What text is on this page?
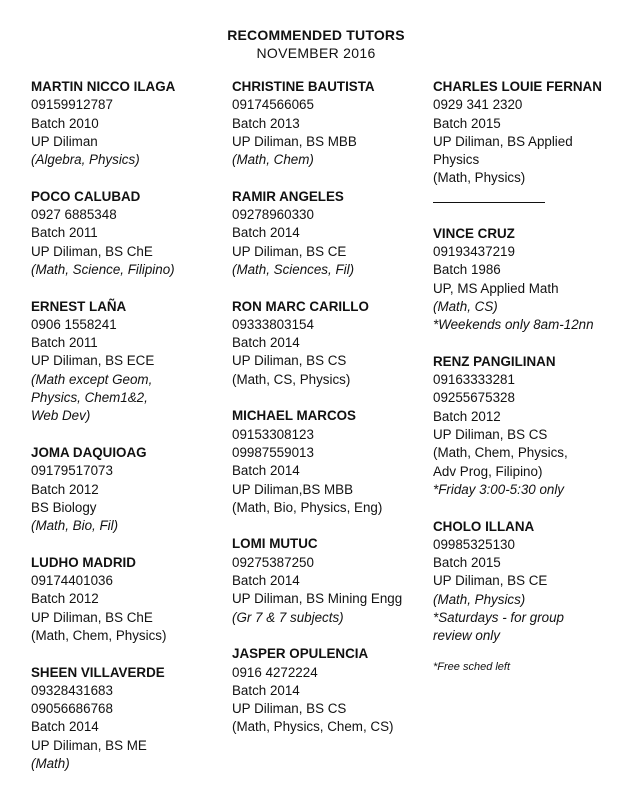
RECOMMENDED TUTORS
NOVEMBER 2016
MARTIN NICCO ILAGA
09159912787
Batch 2010
UP Diliman
(Algebra, Physics)
POCO CALUBAD
0927 6885348
Batch 2011
UP Diliman, BS ChE
(Math, Science, Filipino)
ERNEST LAÑA
0906 1558241
Batch 2011
UP Diliman, BS ECE
(Math except Geom,
Physics, Chem1&2,
Web Dev)
JOMA DAQUIOAG
09179517073
Batch 2012
BS Biology
(Math, Bio, Fil)
LUDHO MADRID
09174401036
Batch 2012
UP Diliman, BS ChE
(Math, Chem, Physics)
SHEEN VILLAVERDE
09328431683
09056686768
Batch 2014
UP Diliman, BS ME
(Math)
CHRISTINE BAUTISTA
09174566065
Batch 2013
UP Diliman, BS MBB
(Math, Chem)
RAMIR ANGELES
09278960330
Batch 2014
UP Diliman, BS CE
(Math, Sciences, Fil)
RON MARC CARILLO
09333803154
Batch 2014
UP Diliman, BS CS
(Math, CS, Physics)
MICHAEL MARCOS
09153308123
09987559013
Batch 2014
UP Diliman,BS MBB
(Math, Bio, Physics, Eng)
LOMI MUTUC
09275387250
Batch 2014
UP Diliman, BS Mining Engg
(Gr 7 & 7 subjects)
JASPER OPULENCIA
0916 4272224
Batch 2014
UP Diliman, BS CS
(Math, Physics, Chem, CS)
CHARLES LOUIE FERNAN
0929 341 2320
Batch 2015
UP Diliman, BS Applied
Physics
(Math, Physics)
VINCE CRUZ
09193437219
Batch 1986
UP, MS Applied Math
(Math, CS)
*Weekends only 8am-12nn
RENZ PANGILINAN
09163333281
09255675328
Batch 2012
UP Diliman, BS CS
(Math, Chem, Physics,
Adv Prog, Filipino)
*Friday 3:00-5:30 only
CHOLO ILLANA
09985325130
Batch 2015
UP Diliman, BS CE
(Math, Physics)
*Saturdays - for group
review only
*Free sched left
